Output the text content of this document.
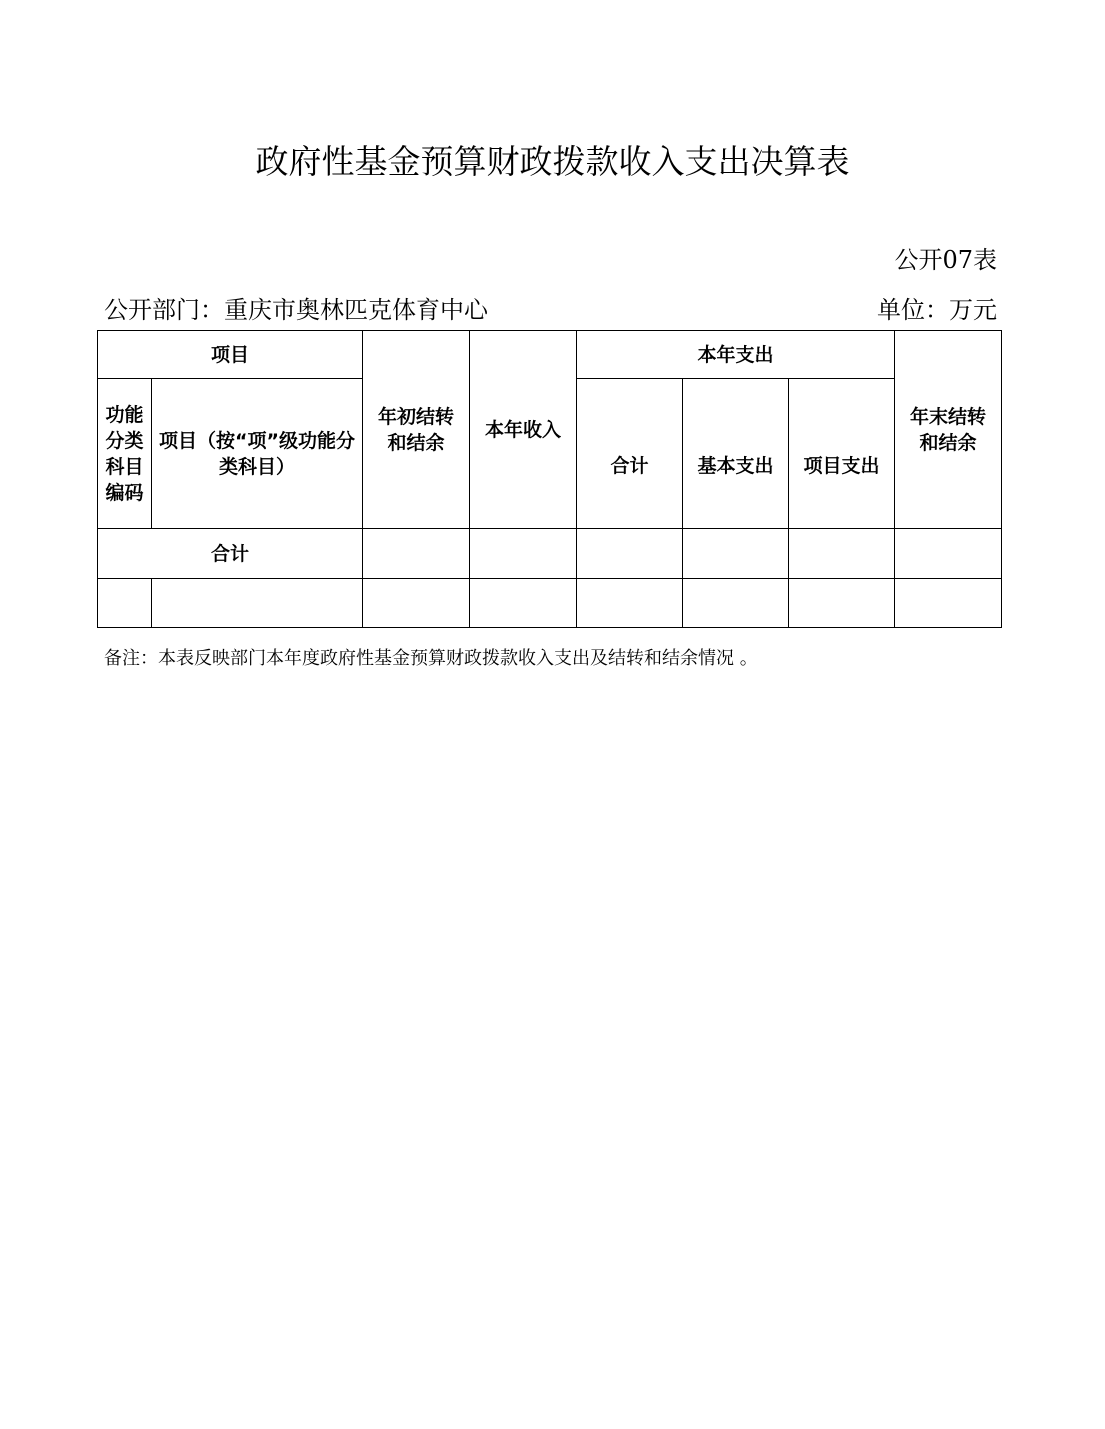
政府性基金预算财政拨款收入支出决算表
公开07表
公开部门：重庆市奥林匹克体育中心	单位：万元
项目		年初结转和结余	本年收入	本年支出			年末结转和结余

功能分类科目编码	项目（按“项”级功能分类科目）			合计	基本支出	项目支出	
合计							

备注：本表反映部门本年度政府性基金预算财政拨款收入支出及结转和结余情况 。
